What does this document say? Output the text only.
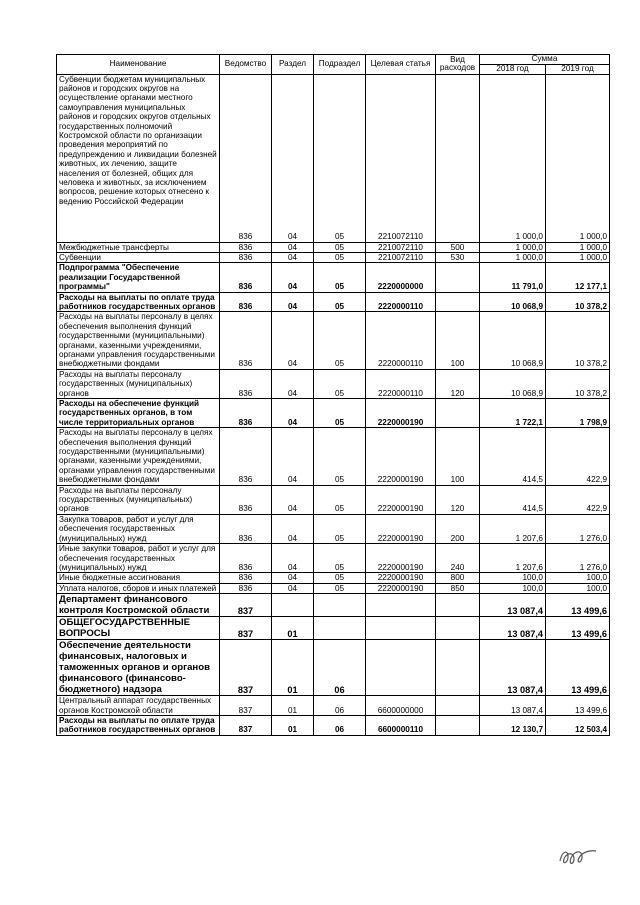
Наименование	Ведомство	Раздел	Подраздел	Целевая статья	Вид расходов	Сумма	
						2018 год	2019 год
Субвенции бюджетам муниципальных районов и городских округов на осуществление органами местного самоуправления муниципальных районов и городских округов отдельных государственных полномочий Костромской области по организации проведения мероприятий по предупреждению и ликвидации болезней животных, их лечению, защите населения от болезней, общих для человека и животных, за исключением вопросов, решение которых отнесено к ведению Российской Федерации	836	04	05	2210072110		1 000,0	1 000,0
Межбюджетные трансферты	836	04	05	2210072110	500	1 000,0	1 000,0
Субвенции	836	04	05	2210072110	530	1 000,0	1 000,0
Подпрограмма "Обеспечение реализации Государственной программы"	836	04	05	2220000000		11 791,0	12 177,1
Расходы на выплаты по оплате труда работников государственных органов	836	04	05	2220000110		10 068,9	10 378,2
Расходы на выплаты персоналу в целях обеспечения выполнения функций государственными (муниципальными) органами, казенными учреждениями, органами управления государственными внебюджетными фондами	836	04	05	2220000110	100	10 068,9	10 378,2
Расходы на выплаты персоналу государственных (муниципальных) органов	836	04	05	2220000110	120	10 068,9	10 378,2
Расходы на обеспечение функций государственных органов, в том числе территориальных органов	836	04	05	2220000190		1 722,1	1 798,9
Расходы на выплаты персоналу в целях обеспечения выполнения функций государственными (муниципальными) органами, казенными учреждениями, органами управления государственными внебюджетными фондами	836	04	05	2220000190	100	414,5	422,9
Расходы на выплаты персоналу государственных (муниципальных) органов	836	04	05	2220000190	120	414,5	422,9
Закупка товаров, работ и услуг для обеспечения государственных (муниципальных) нужд	836	04	05	2220000190	200	1 207,6	1 276,0
Иные закупки товаров, работ и услуг для обеспечения государственных (муниципальных) нужд	836	04	05	2220000190	240	1 207,6	1 276,0
Иные бюджетные ассигнования	836	04	05	2220000190	800	100,0	100,0
Уплата налогов, сборов и иных платежей	836	04	05	2220000190	850	100,0	100,0
Департамент финансового контроля Костромской области	837					13 087,4	13 499,6
ОБЩЕГОСУДАРСТВЕННЫЕ ВОПРОСЫ	837	01				13 087,4	13 499,6
Обеспечение деятельности финансовых, налоговых и таможенных органов и органов финансового (финансово-бюджетного) надзора	837	01	06			13 087,4	13 499,6
Центральный аппарат государственных органов Костромской области	837	01	06	6600000000		13 087,4	13 499,6
Расходы на выплаты по оплате труда работников государственных органов	837	01	06	6600000110		12 130,7	12 503,4
